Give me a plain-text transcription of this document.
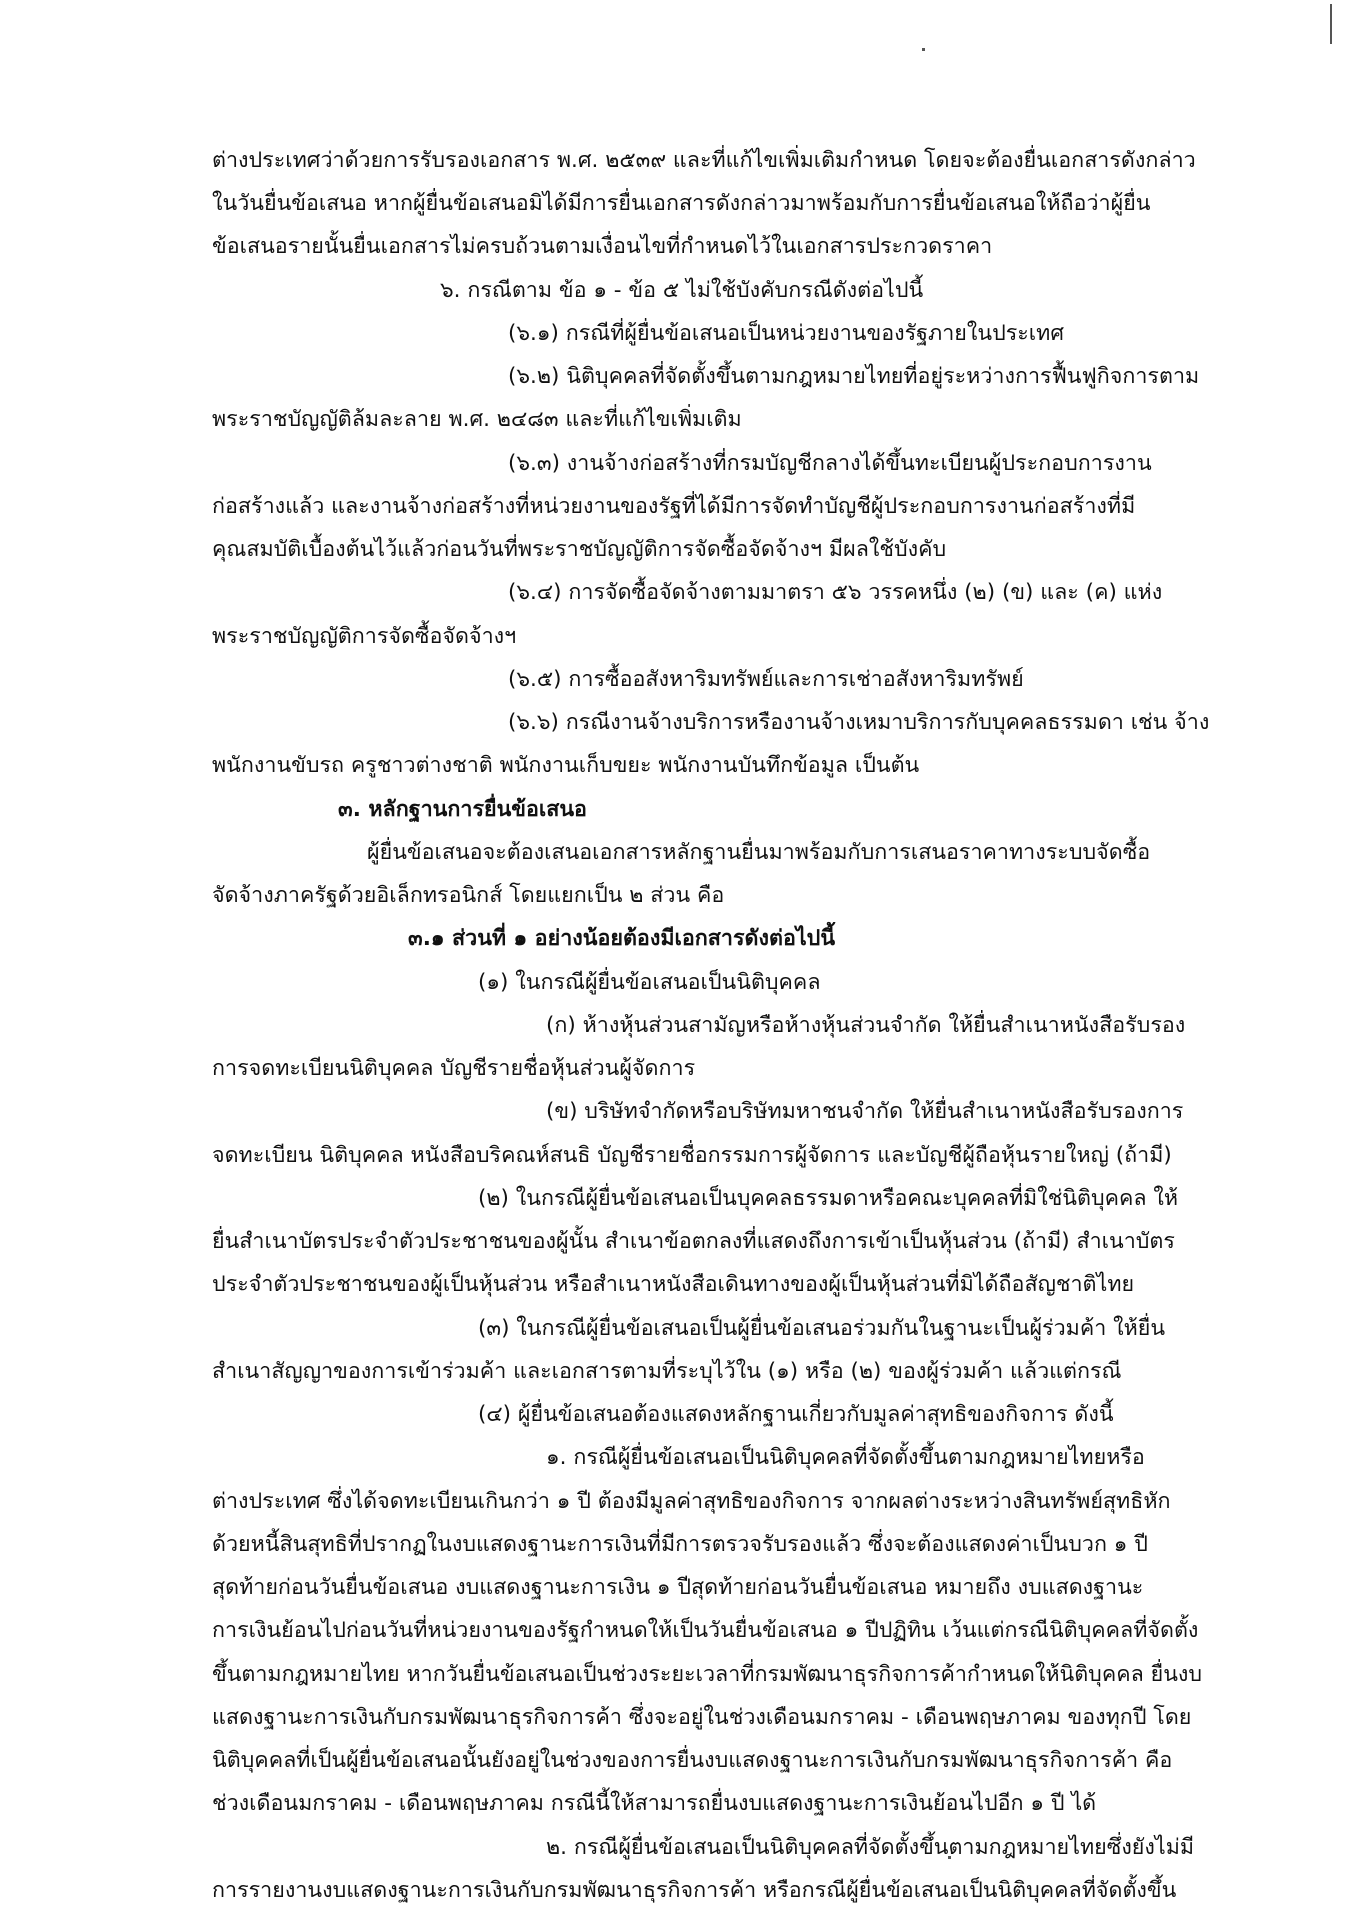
ต่างประเทศว่าด้วยการรับรองเอกสาร พ.ศ. ๒๕๓๙ และที่แก้ไขเพิ่มเติมกำหนด โดยจะต้องยื่นเอกสารดังกล่าว
ในวันยื่นข้อเสนอ หากผู้ยื่นข้อเสนอมิได้มีการยื่นเอกสารดังกล่าวมาพร้อมกับการยื่นข้อเสนอให้ถือว่าผู้ยื่น
ข้อเสนอรายนั้นยื่นเอกสารไม่ครบถ้วนตามเงื่อนไขที่กำหนดไว้ในเอกสารประกวดราคา
๖. กรณีตาม ข้อ ๑ - ข้อ ๕ ไม่ใช้บังคับกรณีดังต่อไปนี้
(๖.๑) กรณีที่ผู้ยื่นข้อเสนอเป็นหน่วยงานของรัฐภายในประเทศ
(๖.๒) นิติบุคคลที่จัดตั้งขึ้นตามกฎหมายไทยที่อยู่ระหว่างการฟื้นฟูกิจการตาม
พระราชบัญญัติล้มละลาย พ.ศ. ๒๔๘๓ และที่แก้ไขเพิ่มเติม
(๖.๓) งานจ้างก่อสร้างที่กรมบัญชีกลางได้ขึ้นทะเบียนผู้ประกอบการงาน
ก่อสร้างแล้ว และงานจ้างก่อสร้างที่หน่วยงานของรัฐที่ได้มีการจัดทำบัญชีผู้ประกอบการงานก่อสร้างที่มี
คุณสมบัติเบื้องต้นไว้แล้วก่อนวันที่พระราชบัญญัติการจัดซื้อจัดจ้างฯ มีผลใช้บังคับ
(๖.๔) การจัดซื้อจัดจ้างตามมาตรา ๕๖ วรรคหนึ่ง (๒) (ข) และ (ค) แห่ง
พระราชบัญญัติการจัดซื้อจัดจ้างฯ
(๖.๕) การซื้ออสังหาริมทรัพย์และการเช่าอสังหาริมทรัพย์
(๖.๖) กรณีงานจ้างบริการหรืองานจ้างเหมาบริการกับบุคคลธรรมดา เช่น จ้าง
พนักงานขับรถ ครูชาวต่างชาติ พนักงานเก็บขยะ พนักงานบันทึกข้อมูล เป็นต้น
๓. หลักฐานการยื่นข้อเสนอ
ผู้ยื่นข้อเสนอจะต้องเสนอเอกสารหลักฐานยื่นมาพร้อมกับการเสนอราคาทางระบบจัดซื้อ
จัดจ้างภาครัฐด้วยอิเล็กทรอนิกส์ โดยแยกเป็น ๒ ส่วน คือ
๓.๑ ส่วนที่ ๑ อย่างน้อยต้องมีเอกสารดังต่อไปนี้
(๑) ในกรณีผู้ยื่นข้อเสนอเป็นนิติบุคคล
(ก) ห้างหุ้นส่วนสามัญหรือห้างหุ้นส่วนจำกัด ให้ยื่นสำเนาหนังสือรับรอง
การจดทะเบียนนิติบุคคล บัญชีรายชื่อหุ้นส่วนผู้จัดการ
(ข) บริษัทจำกัดหรือบริษัทมหาชนจำกัด ให้ยื่นสำเนาหนังสือรับรองการ
จดทะเบียน นิติบุคคล หนังสือบริคณห์สนธิ บัญชีรายชื่อกรรมการผู้จัดการ และบัญชีผู้ถือหุ้นรายใหญ่ (ถ้ามี)
(๒) ในกรณีผู้ยื่นข้อเสนอเป็นบุคคลธรรมดาหรือคณะบุคคลที่มิใช่นิติบุคคล ให้
ยื่นสำเนาบัตรประจำตัวประชาชนของผู้นั้น สำเนาข้อตกลงที่แสดงถึงการเข้าเป็นหุ้นส่วน (ถ้ามี) สำเนาบัตร
ประจำตัวประชาชนของผู้เป็นหุ้นส่วน หรือสำเนาหนังสือเดินทางของผู้เป็นหุ้นส่วนที่มิได้ถือสัญชาติไทย
(๓) ในกรณีผู้ยื่นข้อเสนอเป็นผู้ยื่นข้อเสนอร่วมกันในฐานะเป็นผู้ร่วมค้า ให้ยื่น
สำเนาสัญญาของการเข้าร่วมค้า และเอกสารตามที่ระบุไว้ใน (๑) หรือ (๒) ของผู้ร่วมค้า แล้วแต่กรณี
(๔) ผู้ยื่นข้อเสนอต้องแสดงหลักฐานเกี่ยวกับมูลค่าสุทธิของกิจการ ดังนี้
๑. กรณีผู้ยื่นข้อเสนอเป็นนิติบุคคลที่จัดตั้งขึ้นตามกฎหมายไทยหรือ
ต่างประเทศ ซึ่งได้จดทะเบียนเกินกว่า ๑ ปี ต้องมีมูลค่าสุทธิของกิจการ จากผลต่างระหว่างสินทรัพย์สุทธิหัก
ด้วยหนี้สินสุทธิที่ปรากฏในงบแสดงฐานะการเงินที่มีการตรวจรับรองแล้ว ซึ่งจะต้องแสดงค่าเป็นบวก ๑ ปี
สุดท้ายก่อนวันยื่นข้อเสนอ งบแสดงฐานะการเงิน ๑ ปีสุดท้ายก่อนวันยื่นข้อเสนอ หมายถึง งบแสดงฐานะ
การเงินย้อนไปก่อนวันที่หน่วยงานของรัฐกำหนดให้เป็นวันยื่นข้อเสนอ ๑ ปีปฏิทิน เว้นแต่กรณีนิติบุคคลที่จัดตั้ง
ขึ้นตามกฎหมายไทย หากวันยื่นข้อเสนอเป็นช่วงระยะเวลาที่กรมพัฒนาธุรกิจการค้ากำหนดให้นิติบุคคล ยื่นงบ
แสดงฐานะการเงินกับกรมพัฒนาธุรกิจการค้า ซึ่งจะอยู่ในช่วงเดือนมกราคม - เดือนพฤษภาคม ของทุกปี โดย
นิติบุคคลที่เป็นผู้ยื่นข้อเสนอนั้นยังอยู่ในช่วงของการยื่นงบแสดงฐานะการเงินกับกรมพัฒนาธุรกิจการค้า คือ
ช่วงเดือนมกราคม - เดือนพฤษภาคม กรณีนี้ให้สามารถยื่นงบแสดงฐานะการเงินย้อนไปอีก ๑ ปี ได้
๒. กรณีผู้ยื่นข้อเสนอเป็นนิติบุคคลที่จัดตั้งขึ้นตามกฎหมายไทยซึ่งยังไม่มี
การรายงานงบแสดงฐานะการเงินกับกรมพัฒนาธุรกิจการค้า หรือกรณีผู้ยื่นข้อเสนอเป็นนิติบุคคลที่จัดตั้งขึ้น
